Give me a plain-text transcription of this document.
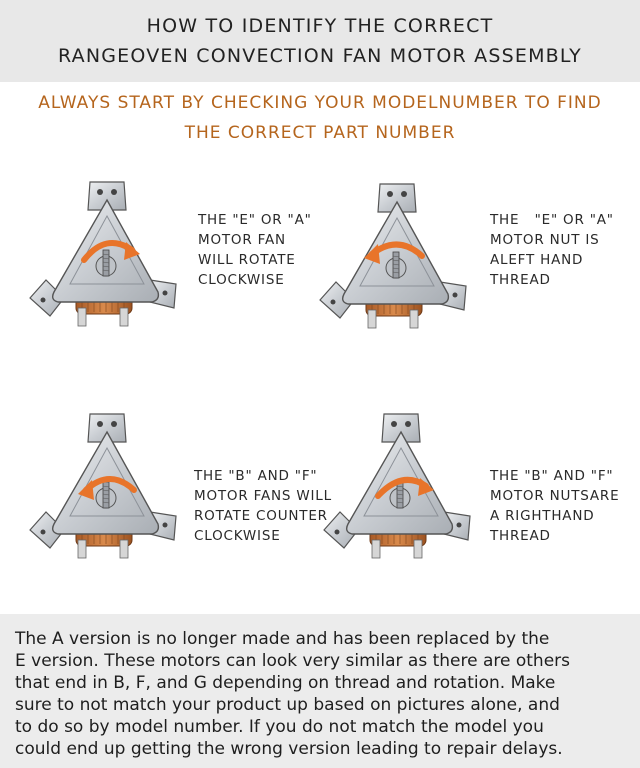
HOW TO IDENTIFY THE CORRECT
RANGEOVEN CONVECTION FAN MOTOR ASSEMBLY
ALWAYS START BY CHECKING YOUR MODELNUMBER TO FIND
THE CORRECT PART NUMBER
THE "E" OR "A"
MOTOR FAN
WILL ROTATE
CLOCKWISE
THE   "E" OR "A"
MOTOR NUT IS
ALEFT HAND
THREAD
THE "B" AND "F"
MOTOR FANS WILL
ROTATE COUNTER
CLOCKWISE
THE "B" AND "F"
MOTOR NUTSARE
A RIGHTHAND
THREAD
The A version is no longer made and has been replaced by the
E version. These motors can look very similar as there are others
that end in B, F, and G depending on thread and rotation. Make
sure to not match your product up based on pictures alone, and
to do so by model number. If you do not match the model you
could end up getting the wrong version leading to repair delays.
